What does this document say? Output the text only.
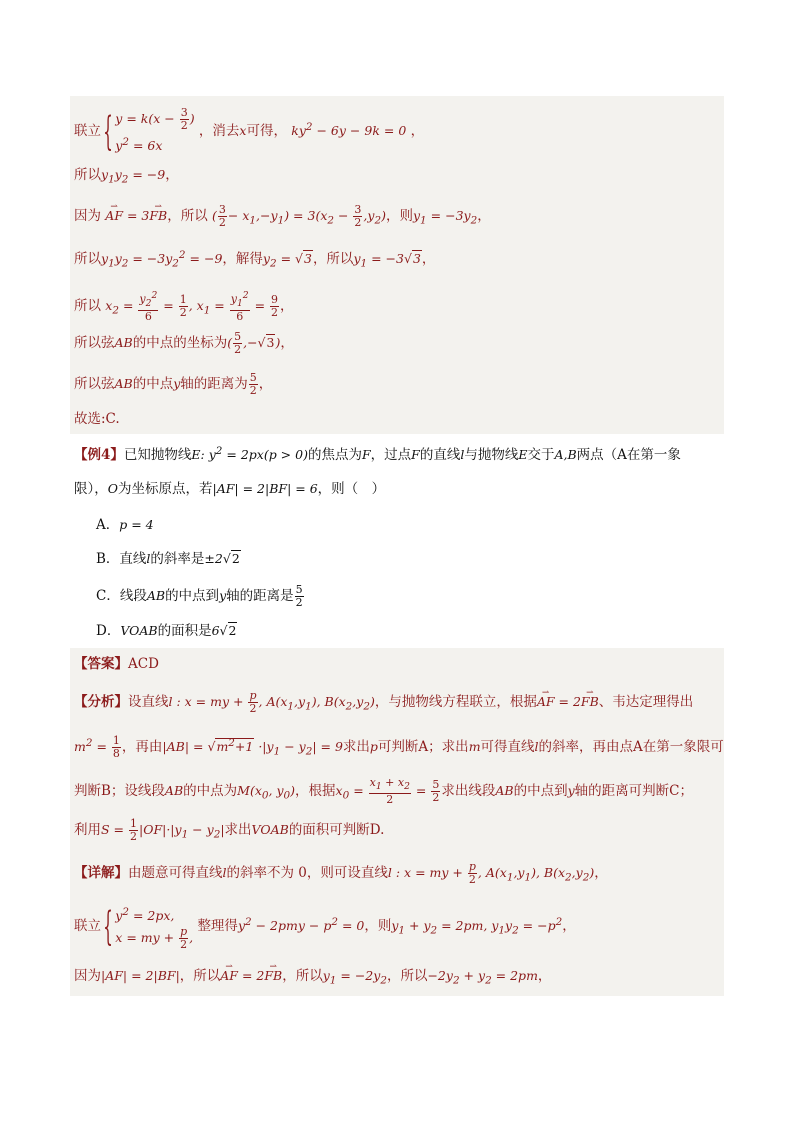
联立
{ $y = k(x - \frac{3}{2}$ )
$y^2 = 6x$
，消去x可得， $ky^2 - 6y - 9k = 0$ ，
所以$y_1y_2 = -9$，
因为 ⇀ AF = 3⇀ FB，所以 ( $\frac{3}{2} - x_1,-y_1) = 3(x_2 - \frac{3}{2} ,y_2)$，则$y_1 = -3y_2$，
所以$y_1y_2 = -3y_2^2 = -9$，解得$y_2 = √3$，所以$y_1 = -3√3$，
所以 $x_2 = \frac{y_2^2}{6} = \frac{1}{2}$ , $x_1 = \frac{y_1^2}{6} = \frac{9}{2}$ ，
所以弦AB的中点的坐标为( $\frac{5}{2} ,-√3$)，
所以弦AB的中点y轴的距离为 $\frac{5}{2}$ ，
故选:C.
【例4】已知抛物线E: $y^2 = 2px(p > 0)$的焦点为F，过点F的直线l与抛物线E交于A,B两点（A在第一象
限），O为坐标原点，若|AF| = 2|BF| = 6，则（　）
A．p = 4
B．直线l的斜率是±2√2
C．线段AB的中点到y轴的距离是 $\frac{5}{2}$
D．VOAB的面积是6√2
【答案】ACD
【分析】设直线l : x = my + $\frac{p}{2}$ , $A(x_1,y_1)$, $B(x_2,y_2)$，与抛物线方程联立，根据⇀ AF = 2⇀ FB、韦达定理得出
$m^2 = \frac{1}{8}$ ，再由$|AB| = √m^2+1 \cdot|y_1 - y_2| = 9$求出p可判断A；求出m可得直线l的斜率，再由点A在第一象限可
判断B；设线段AB的中点为$M(x_0$, $y_0$)，根据$x_0 = \frac{x_1 + x_2}{2} = \frac{5}{2}$ 求出线段AB的中点到y轴的距离可判断C；
利用$S = \frac{1}{2} |OF|\cdot|y_1 - y_2|$求出VOAB的面积可判断D.
【详解】由题意可得直线l的斜率不为 0，则可设直线l : x = my + $\frac{p}{2}$ , $A(x_1,y_1)$, $B(x_2,y_2)$，
联立
{ $y^2 = 2px$,
x = my + $\frac{p}{2}$ ,
整理得$y^2 - 2pmy - p^2 = 0$，则$y_1 + y_2 = 2pm$, $y_1y_2 = -p^2$，
因为|AF| = 2|BF|，所以⇀ AF = 2⇀ FB，所以$y_1 = -2y_2$，所以$-2y_2 + y_2 = 2pm$，
